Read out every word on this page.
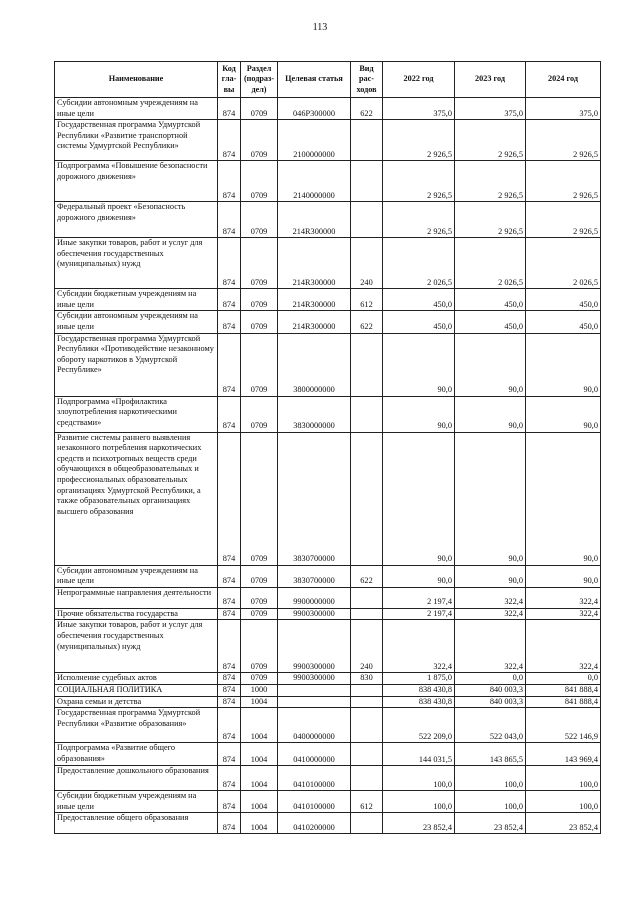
113
Наименование	Код гла-вы	Раздел (подраз-дел)	Целевая статья	Вид рас-ходов	2022 год	2023 год	2024 год
Субсидии автономным учреждениям на иные цели	874	0709	046Р300000	622	375,0	375,0	375,0
Государственная программа Удмуртской Республики «Развитие транспортной системы Удмуртской Республики»	874	0709	2100000000		2 926,5	2 926,5	2 926,5
Подпрограмма «Повышение безопасности дорожного движения»	874	0709	2140000000		2 926,5	2 926,5	2 926,5
Федеральный проект «Безопасность дорожного движения»	874	0709	214R300000		2 926,5	2 926,5	2 926,5
Иные закупки товаров, работ и услуг для обеспечения государственных (муниципальных) нужд	874	0709	214R300000	240	2 026,5	2 026,5	2 026,5
Субсидии бюджетным учреждениям на иные цели	874	0709	214R300000	612	450,0	450,0	450,0
Субсидии автономным учреждениям на иные цели	874	0709	214R300000	622	450,0	450,0	450,0
Государственная программа Удмуртской Республики «Противодействие незаконному обороту наркотиков в Удмуртской Республике»	874	0709	3800000000		90,0	90,0	90,0
Подпрограмма «Профилактика злоупотребления наркотическими средствами»	874	0709	3830000000		90,0	90,0	90,0
Развитие системы раннего выявления незаконного потребления наркотических средств и психотропных веществ среди обучающихся в общеобразовательных и профессиональных образовательных организациях Удмуртской Республики, а также образовательных организациях высшего образования	874	0709	3830700000		90,0	90,0	90,0
Субсидии автономным учреждениям на иные цели	874	0709	3830700000	622	90,0	90,0	90,0
Непрограммные направления деятельности	874	0709	9900000000		2 197,4	322,4	322,4
Прочие обязательства государства	874	0709	9900300000		2 197,4	322,4	322,4
Иные закупки товаров, работ и услуг для обеспечения государственных (муниципальных) нужд	874	0709	9900300000	240	322,4	322,4	322,4
Исполнение судебных актов	874	0709	9900300000	830	1 875,0	0,0	0,0
СОЦИАЛЬНАЯ ПОЛИТИКА	874	1000			838 430,8	840 003,3	841 888,4
Охрана семьи и детства	874	1004			838 430,8	840 003,3	841 888,4
Государственная программа Удмуртской Республики «Развитие образования»	874	1004	0400000000		522 209,0	522 043,0	522 146,9
Подпрограмма «Развитие общего образования»	874	1004	0410000000		144 031,5	143 865,5	143 969,4
Предоставление дошкольного образования	874	1004	0410100000		100,0	100,0	100,0
Субсидии бюджетным учреждениям на иные цели	874	1004	0410100000	612	100,0	100,0	100,0
Предоставление общего образования	874	1004	0410200000		23 852,4	23 852,4	23 852,4
